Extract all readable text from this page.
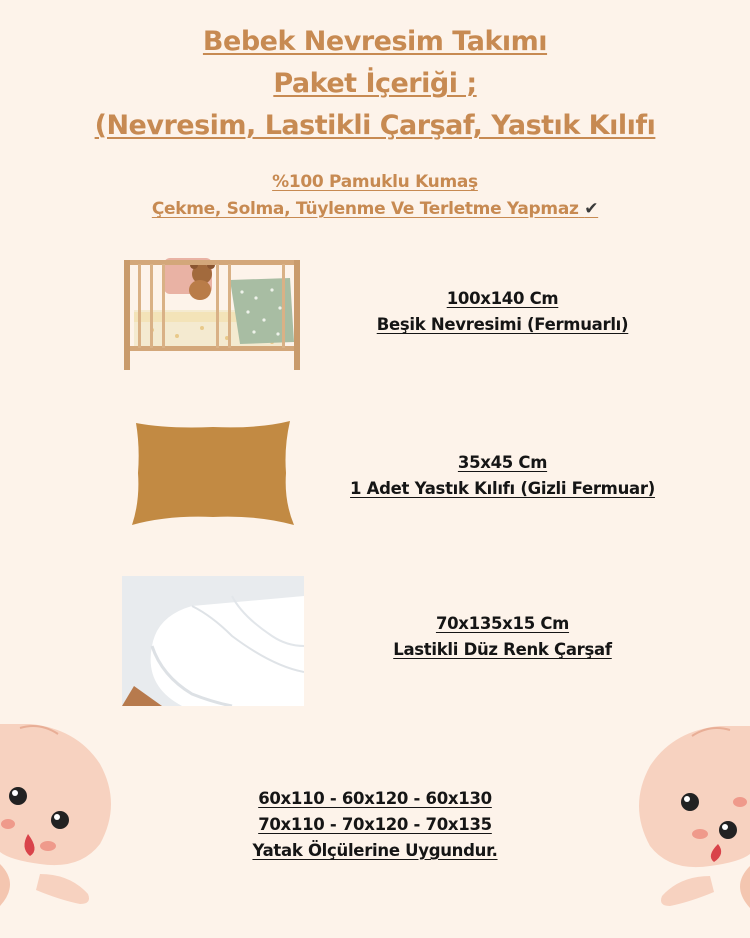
Bebek Nevresim Takımı
Paket İçeriği ;
(Nevresim, Lastikli Çarşaf, Yastık Kılıfı

%100 Pamuklu Kumaş

Çekme, Solma, Tüylenme Ve Terletme Yapmaz ✔

100x140 Cm
Beşik Nevresimi (Fermuarlı)
35x45 Cm
1 Adet Yastık Kılıfı (Gizli Fermuar)
70x135x15 Cm
Lastikli Düz Renk Çarşaf
60x110 - 60x120 - 60x130
70x110 - 70x120 - 70x135
Yatak Ölçülerine Uygundur.
